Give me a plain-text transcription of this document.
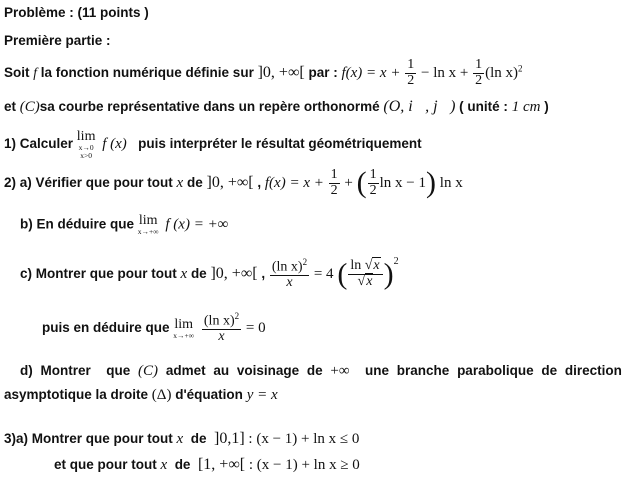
Problème : (11 points )
Première partie :
Soit f la fonction numérique définie sur ]0, +∞[ par : $f(x) = x + \frac{1}{2} - \ln x + \frac{1}{2} (\ln$ x)$^2$
et (C)sa courbe représentative dans un repère orthonormé (O, i⃗, j⃗) ( unité : 1 cm )
1) Calculer lim
x→0
x>0
f (x) puis interpréter le résultat géométriquement
2) a) Vérifier que pour tout x de ]0, +∞[ , $f(x) = x + \frac{1}{2}$ + ( $\frac{1}{2}$ ln x − 1) ln x
b) En déduire que lim
x→+∞ f (x) = +∞
c) Montrer que pour tout x de ]0, +∞[ , $\frac{(\ln x)^2}{x} = 4$ ( $\frac{\ln √x}{√x} )^2$
puis en déduire que lim
x→+∞
$\frac{(\ln x)^2}{x} = 0$
d) Montrer que (C) admet au voisinage de +∞ une branche parabolique de direction
asymptotique la droite (Δ) d'équation y = x
3)a) Montrer que pour tout x de ]0,1] : (x − 1) + ln x ≤ 0
et que pour tout x de [1, +∞[ : (x − 1) + ln x ≥ 0
